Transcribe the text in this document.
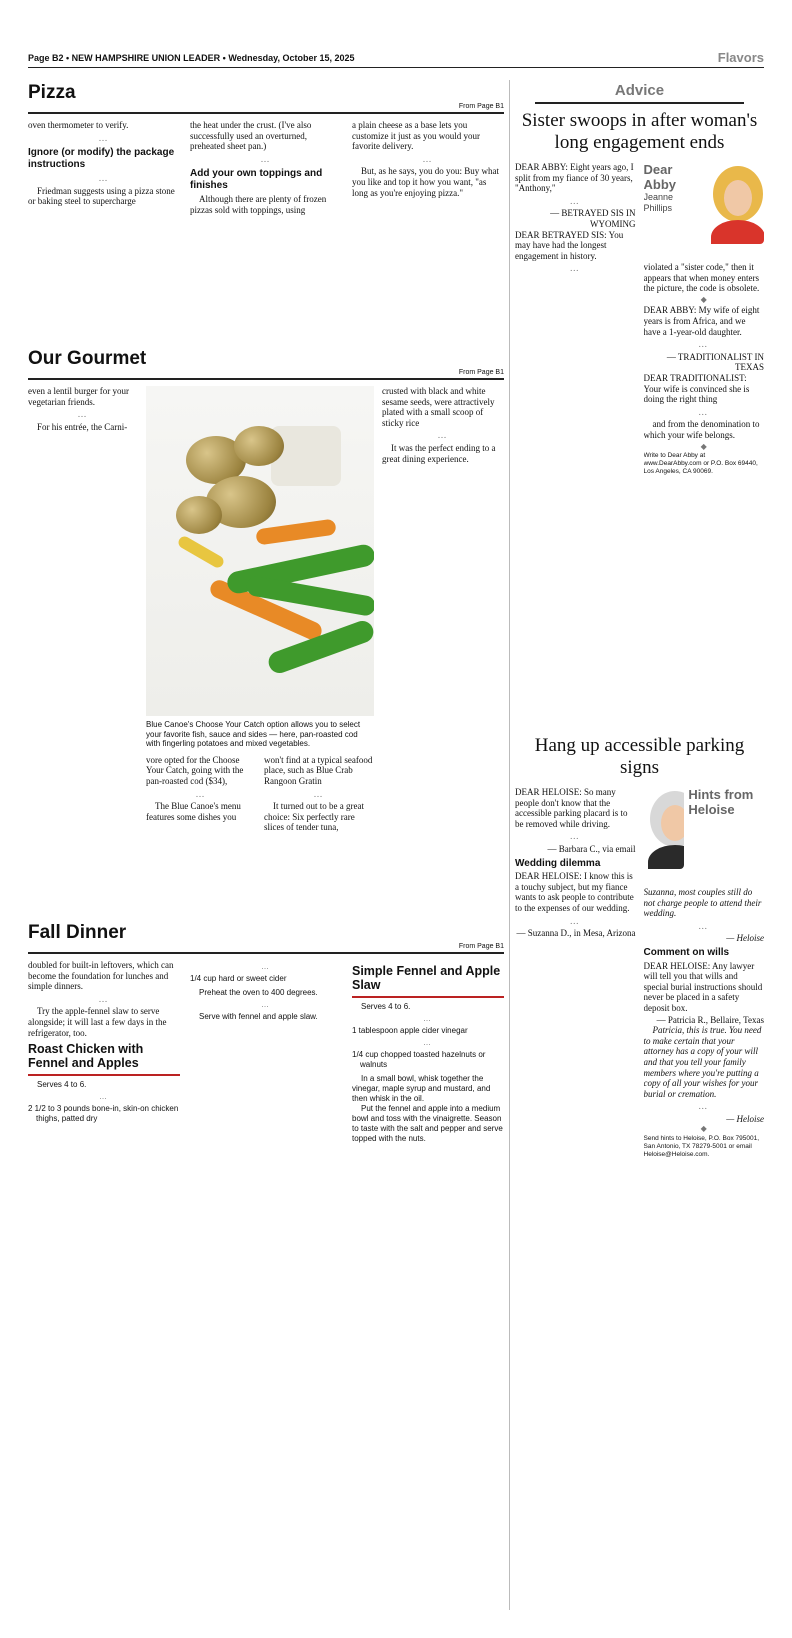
Page B2 • NEW HAMPSHIRE UNION LEADER • Wednesday, October 15, 2025	Flavors
Pizza
From Page B1

oven thermometer to verify.

…
Ignore (or modify) the package instructions
…

Friedman suggests using a pizza stone or baking steel to supercharge

the heat under the crust. (I've also successfully used an overturned, preheated sheet pan.)

…
Add your own toppings and finishes

Although there are plenty of frozen pizzas sold with toppings, using

a plain cheese as a base lets you customize it just as you would your favorite delivery.

…

But, as he says, you do you: Buy what you like and top it how you want, "as long as you're enjoying pizza."

Our Gourmet
From Page B1

even a lentil burger for your vegetarian friends.

…

For his entrée, the Carni-

Blue Canoe's Choose Your Catch option allows you to select your favorite fish, sauce and sides — here, pan-roasted cod with fingerling potatoes and mixed vegetables.

vore opted for the Choose Your Catch, going with the pan-roasted cod ($34),

…

The Blue Canoe's menu features some dishes you

won't find at a typical seafood place, such as Blue Crab Rangoon Gratin

…

It turned out to be a great choice: Six perfectly rare slices of tender tuna,

crusted with black and white sesame seeds, were attractively plated with a small scoop of sticky rice

…

It was the perfect ending to a great dining experience.

Fall Dinner
From Page B1

doubled for built-in leftovers, which can become the foundation for lunches and simple dinners.

…

Try the apple-fennel slaw to serve alongside; it will last a few days in the refrigerator, too.

Roast Chicken with Fennel and Apples

Serves 4 to 6.

…

2 1/2 to 3 pounds bone-in, skin-on chicken thighs, patted dry

…

1/4 cup hard or sweet cider

Preheat the oven to 400 degrees.

…

Serve with fennel and apple slaw.

Simple Fennel and Apple Slaw

Serves 4 to 6.

…

1 tablespoon apple cider vinegar

…

1/4 cup chopped toasted hazelnuts or walnuts

In a small bowl, whisk together the vinegar, maple syrup and mustard, and then whisk in the oil.

Put the fennel and apple into a medium bowl and toss with the vinaigrette. Season to taste with the salt and pepper and serve topped with the nuts.

Advice
Sister swoops in after woman's long engagement ends

DEAR ABBY: Eight years ago, I split from my fiance of 30 years, "Anthony,"

…

— BETRAYED SIS IN WYOMING

DEAR BETRAYED SIS: You may have had the longest engagement in history.

…
Dear Abby
Jeanne Phillips

violated a "sister code," then it appears that when money enters the picture, the code is obsolete.

◆

DEAR ABBY: My wife of eight years is from Africa, and we have a 1-year-old daughter.

…

— TRADITIONALIST IN TEXAS

DEAR TRADITIONALIST: Your wife is convinced she is doing the right thing

…

and from the denomination to which your wife belongs.

◆

Write to Dear Abby at www.DearAbby.com or P.O. Box 69440, Los Angeles, CA 90069.

Hang up accessible parking signs

DEAR HELOISE: So many people don't know that the accessible parking placard is to be removed while driving.

…

— Barbara C., via email

Wedding dilemma

DEAR HELOISE: I know this is a touchy subject, but my fiance wants to ask people to contribute to the expenses of our wedding.

…

— Suzanna D., in Mesa, Arizona

Hints from Heloise

Suzanna, most couples still do not charge people to attend their wedding.

…

— Heloise

Comment on wills

DEAR HELOISE: Any lawyer will tell you that wills and special burial instructions should never be placed in a safety deposit box.

— Patricia R., Bellaire, Texas

Patricia, this is true. You need to make certain that your attorney has a copy of your will and that you tell your family members where you're putting a copy of all your wishes for your burial or cremation.

…

— Heloise

◆

Send hints to Heloise, P.O. Box 795001, San Antonio, TX 78279-5001 or email Heloise@Heloise.com.
